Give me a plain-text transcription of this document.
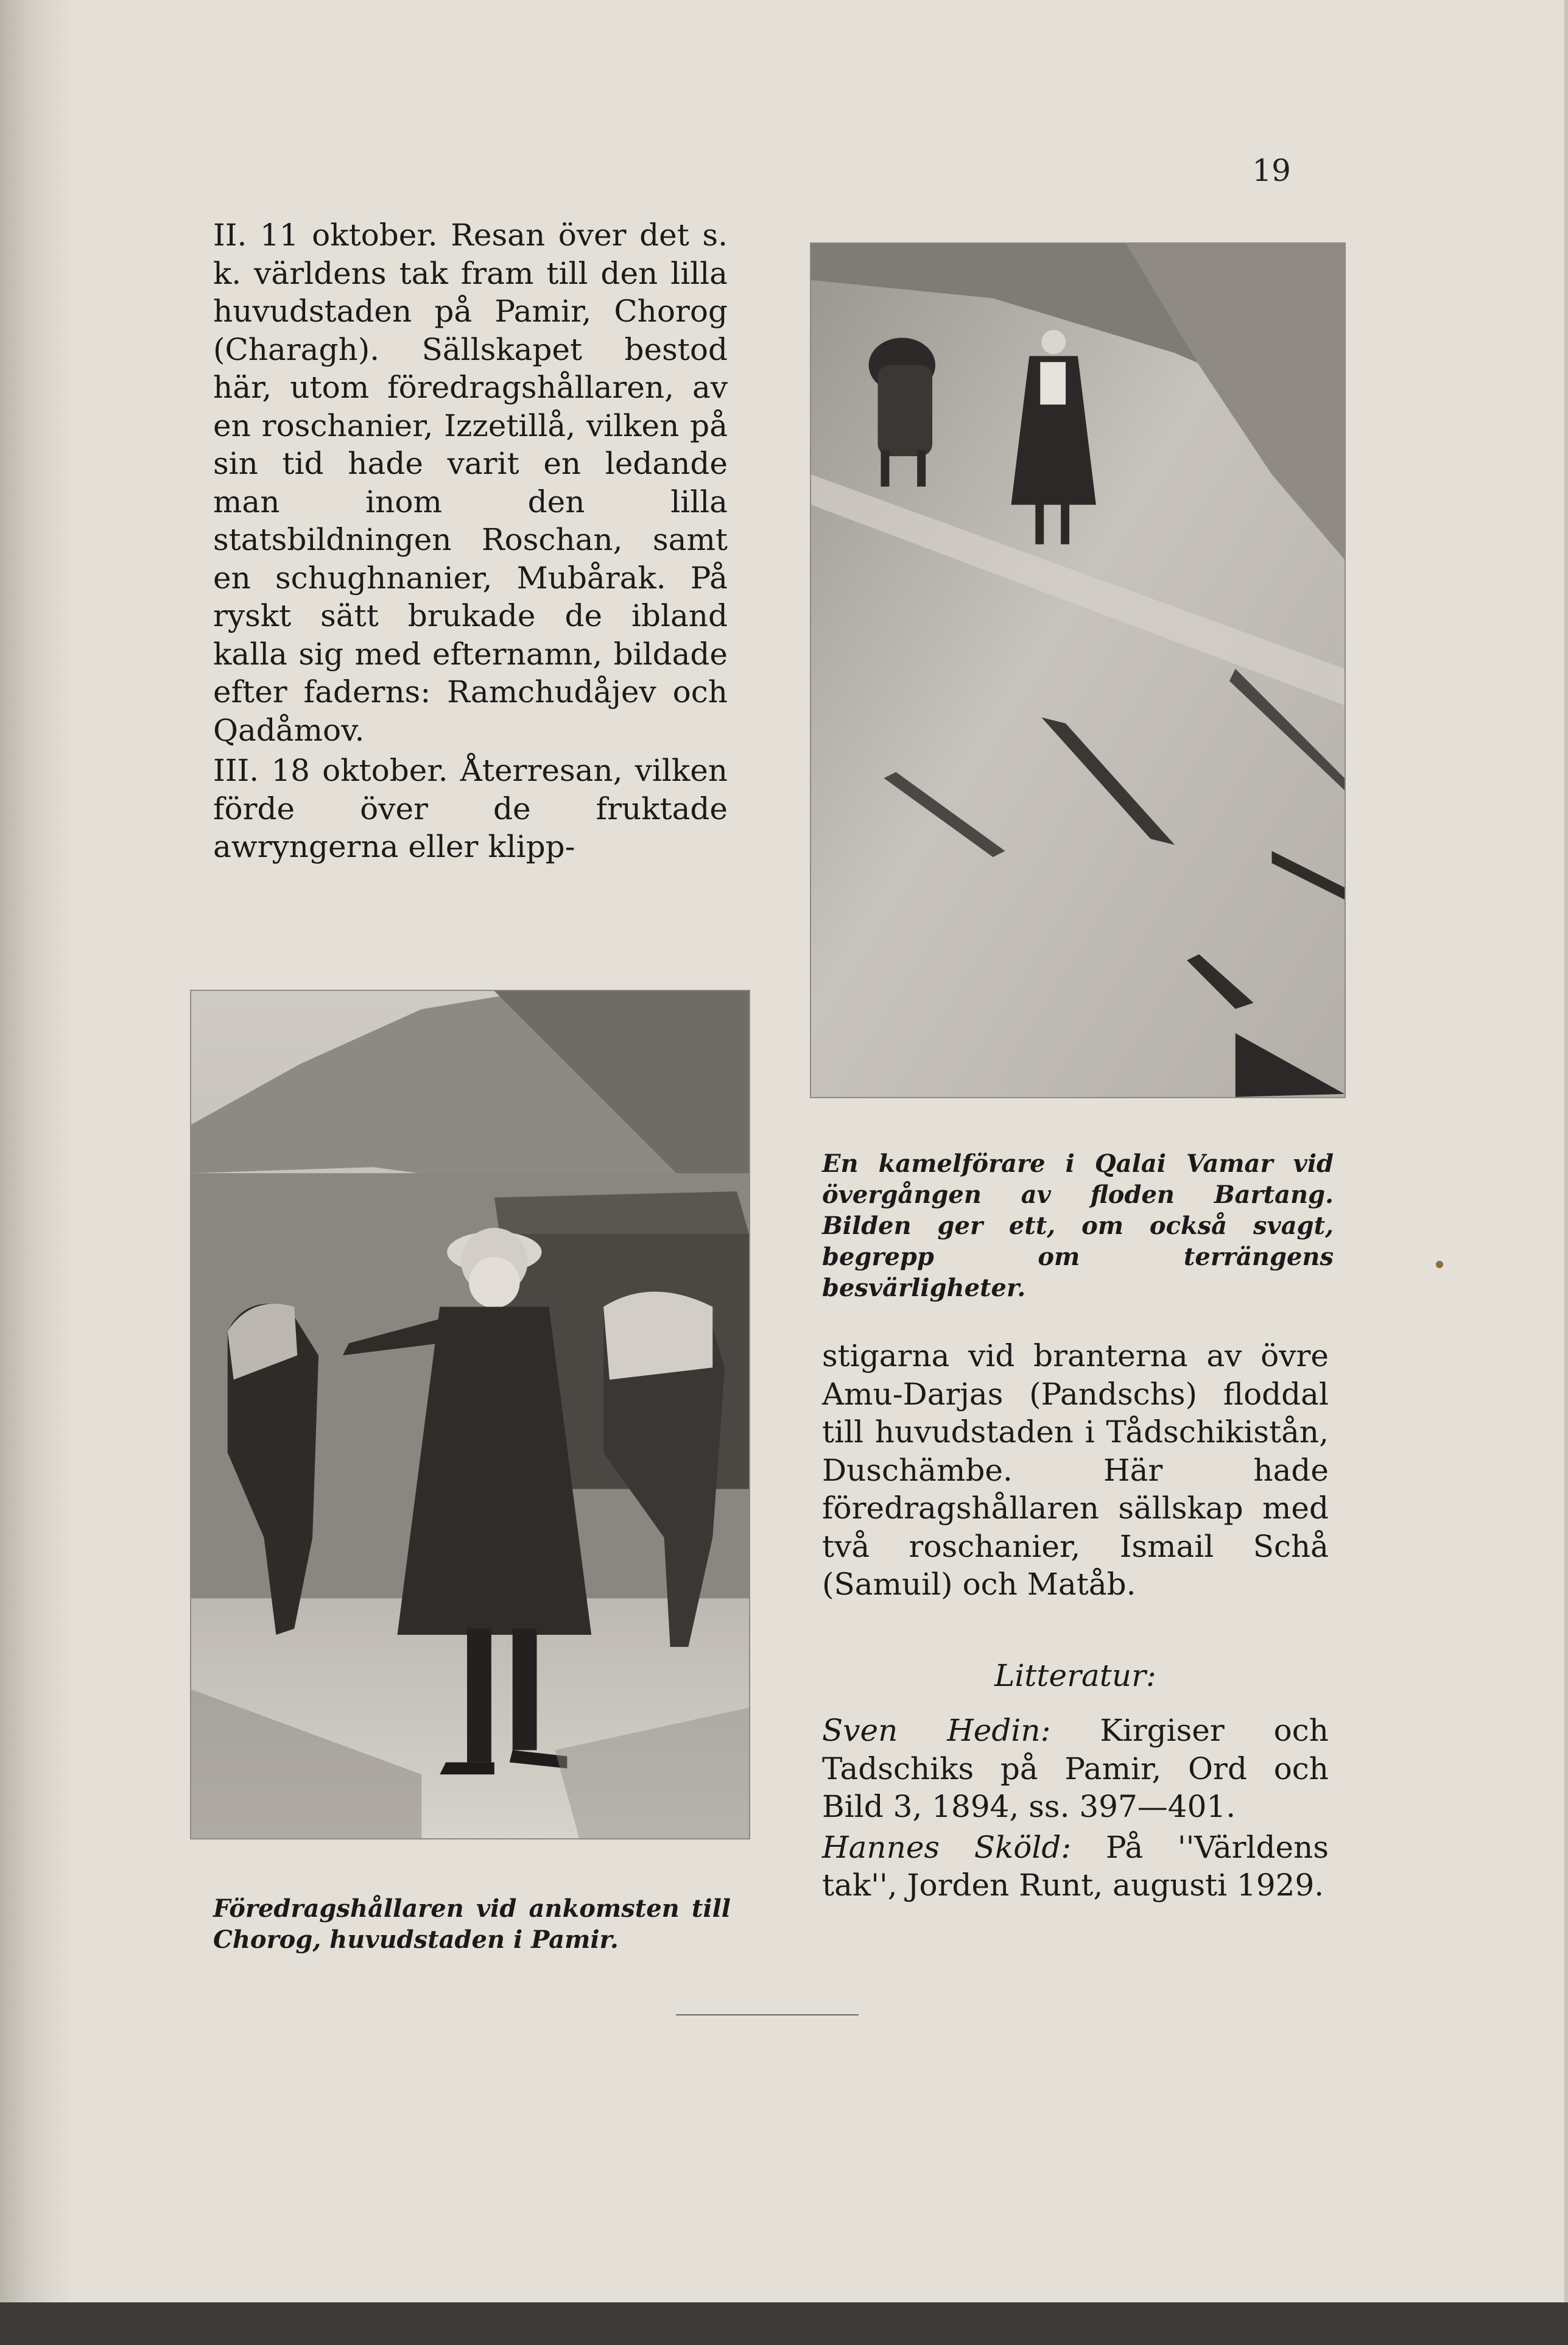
19

II. 11 oktober. Resan över det s. k. världens tak fram till den lilla huvudstaden på Pamir, Chorog (Charagh). Sällskapet bestod här, utom föredragshållaren, av en roschanier, Izzetillå, vilken på sin tid hade varit en ledande man inom den lilla statsbildningen Roschan, samt en schughnanier, Mubårak. På ryskt sätt brukade de ibland kalla sig med efternamn, bildade efter faderns: Ramchudåjev och Qadåmov.

III. 18 oktober. Återresan, vilken förde över de fruktade awryngerna eller klipp-

En kamelförare i Qalai Vamar vid övergången av floden Bartang. Bilden ger ett, om också svagt, begrepp om terrängens besvärligheter.
Föredragshållaren vid ankomsten till Chorog, huvudstaden i Pamir.

stigarna vid branterna av övre Amu-Darjas (Pandschs) floddal till huvudstaden i Tådschikistån, Duschämbe. Här hade föredragshållaren sällskap med två roschanier, Ismail Schå (Samuil) och Matåb.

Litteratur:

Sven Hedin: Kirgiser och Tadschiks på Pamir, Ord och Bild 3, 1894, ss. 397—401.

Hannes Sköld: På ''Världens tak'', Jorden Runt, augusti 1929.
